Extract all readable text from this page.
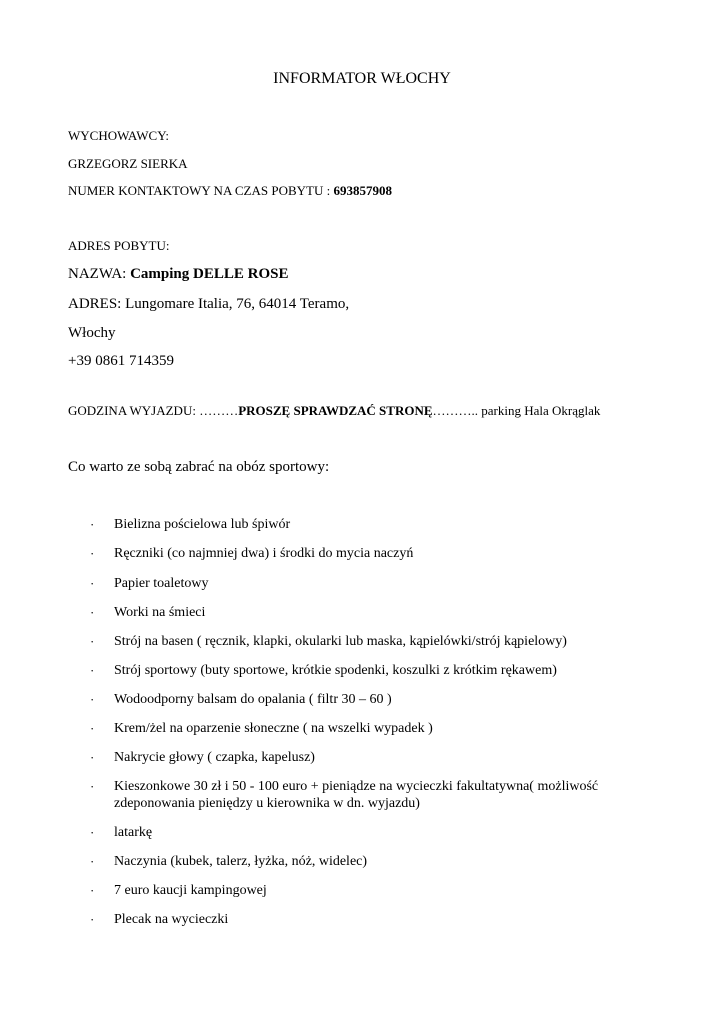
INFORMATOR WŁOCHY
WYCHOWAWCY:
GRZEGORZ SIERKA
NUMER KONTAKTOWY NA CZAS POBYTU : 693857908
ADRES POBYTU:
NAZWA: Camping DELLE ROSE
ADRES: Lungomare Italia, 76, 64014 Teramo,
Włochy
+39 0861 714359
GODZINA WYJAZDU: ………PROSZĘ SPRAWDZAĆ STRONĘ……….. parking Hala Okrąglak
Co warto ze sobą zabrać na obóz sportowy:
· Bielizna pościelowa lub śpiwór
· Ręczniki (co najmniej dwa) i środki do mycia naczyń
· Papier toaletowy
· Worki na śmieci
· Strój na basen ( ręcznik, klapki, okularki lub maska, kąpielówki/strój kąpielowy)
· Strój sportowy (buty sportowe, krótkie spodenki, koszulki z krótkim rękawem)
· Wodoodporny balsam do opalania ( filtr 30 – 60 )
· Krem/żel na oparzenie słoneczne ( na wszelki wypadek )
· Nakrycie głowy ( czapka, kapelusz)
· Kieszonkowe 30 zł i 50 - 100 euro + pieniądze na wycieczki fakultatywna( możliwość
zdeponowania pieniędzy u kierownika w dn. wyjazdu)
· latarkę
· Naczynia (kubek, talerz, łyżka, nóż, widelec)
· 7 euro kaucji kampingowej
· Plecak na wycieczki
